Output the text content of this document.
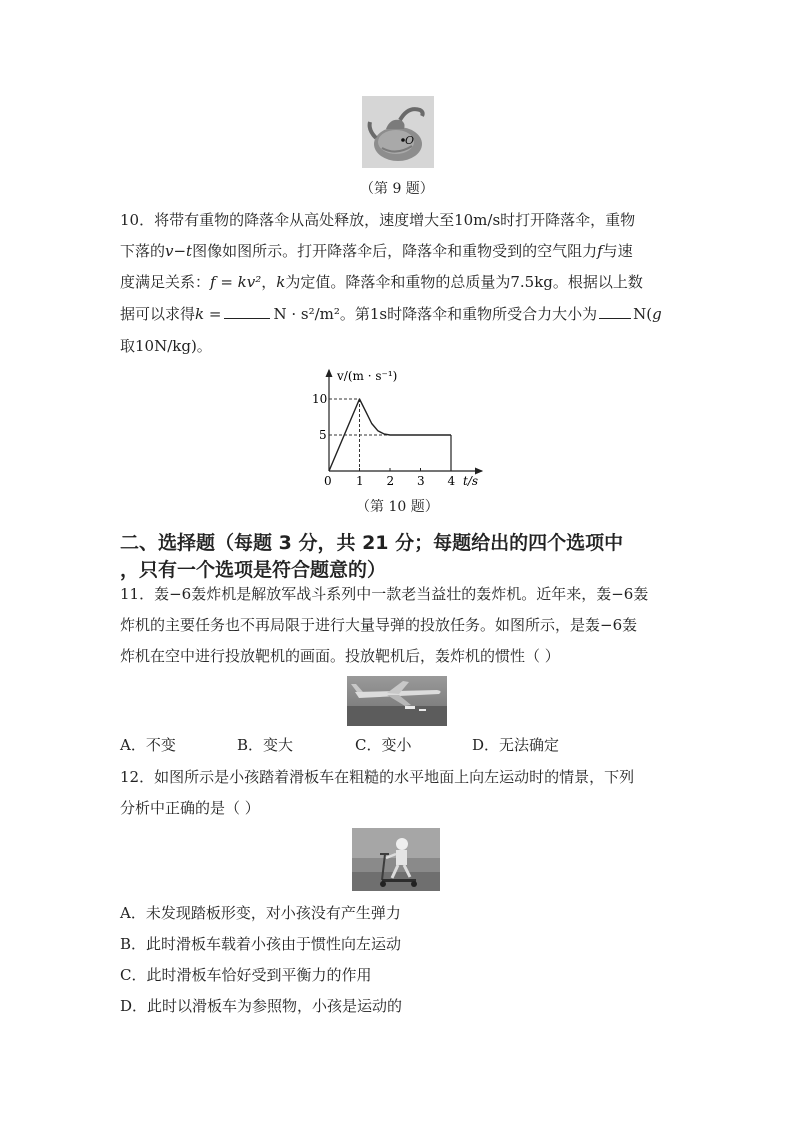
O
（第 9 题）
10．将带有重物的降落伞从高处释放，速度增大至10m/s时打开降落伞，重物
下落的v−t图像如图所示。打开降落伞后，降落伞和重物受到的空气阻力f与速
度满足关系：f = kv²，k为定值。降落伞和重物的总质量为7.5kg。根据以上数
据可以求得k =	N · s²/m²。第1s时降落伞和重物所受合力大小为 N(g
取10N/kg)。
1 2 3 4
5
10
v/(m · s⁻¹)
t/s
0
（第 10 题）
二、选择题（每题 3 分，共 21 分；每题给出的四个选项中
，只有一个选项是符合题意的）
11．轰−6轰炸机是解放军战斗系列中一款老当益壮的轰炸机。近年来，轰−6轰
炸机的主要任务也不再局限于进行大量导弹的投放任务。如图所示，是轰−6轰
炸机在空中进行投放靶机的画面。投放靶机后，轰炸机的惯性（ ）
A．不变	B．变大	C．变小	D．无法确定
12．如图所示是小孩踏着滑板车在粗糙的水平地面上向左运动时的情景，下列
分析中正确的是（ ）
A．未发现踏板形变，对小孩没有产生弹力
B．此时滑板车载着小孩由于惯性向左运动
C．此时滑板车恰好受到平衡力的作用
D．此时以滑板车为参照物，小孩是运动的
